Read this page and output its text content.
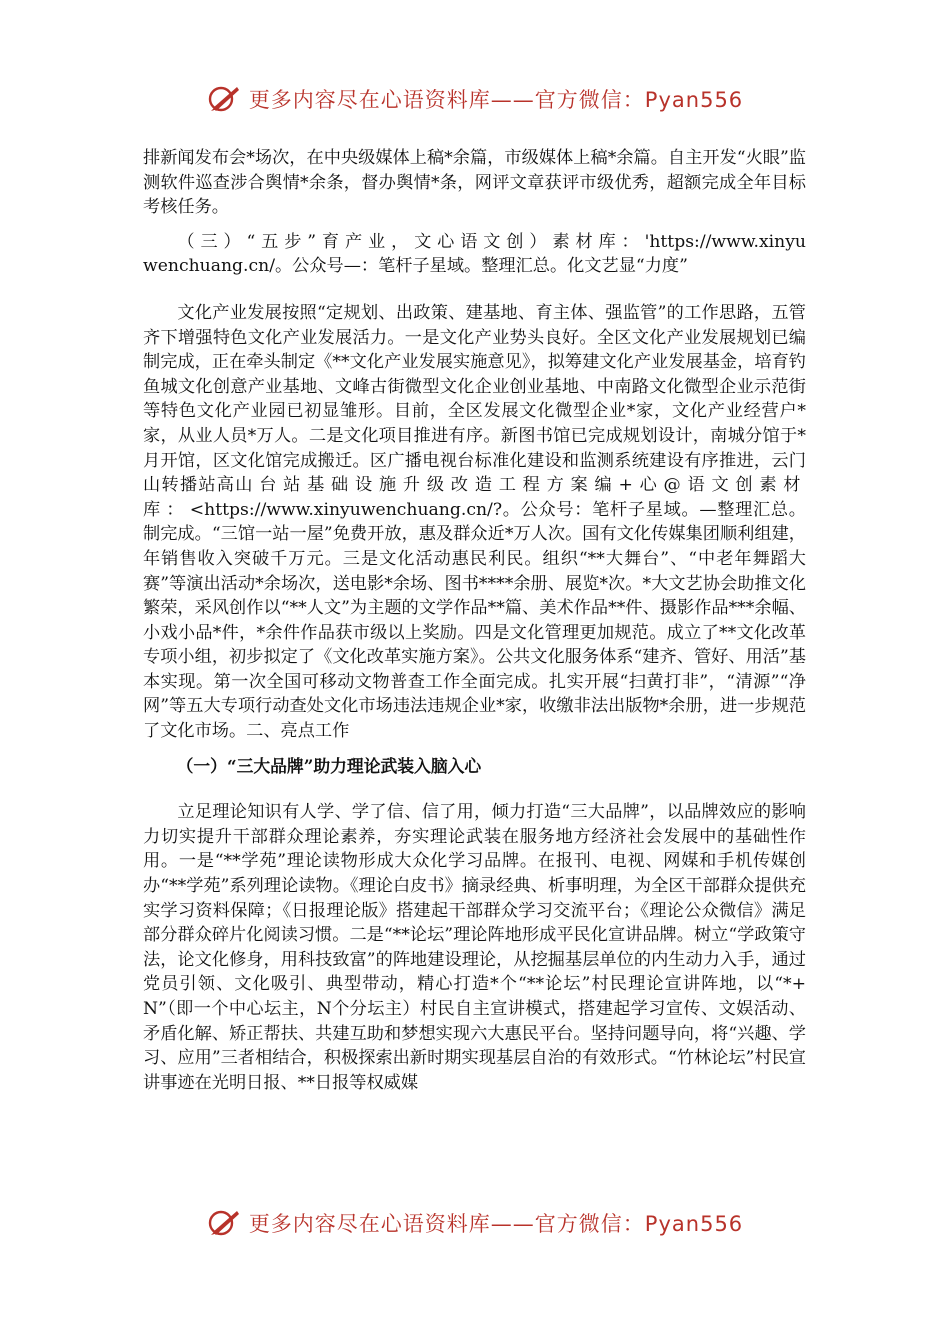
更多内容尽在心语资料库——官方微信：Pyan556

排新闻发布会*场次，在中央级媒体上稿*余篇，市级媒体上稿*余篇。自主开发“火眼”监测软件巡查涉合舆情*余条，督办舆情*条，网评文章获评市级优秀，超额完成全年目标考核任务。

（三）“五步”育产业，文心语文创）素材库：'https://www.xinyuwenchuang.cn/。公众号—：笔杆子星域。整理汇总。化文艺显“力度”

文化产业发展按照“定规划、出政策、建基地、育主体、强监管”的工作思路，五管齐下增强特色文化产业发展活力。一是文化产业势头良好。全区文化产业发展规划已编制完成，正在牵头制定《**文化产业发展实施意见》，拟筹建文化产业发展基金，培育钓鱼城文化创意产业基地、文峰古街微型文化企业创业基地、中南路文化微型企业示范街等特色文化产业园已初显雏形。目前，全区发展文化微型企业*家，文化产业经营户*家，从业人员*万人。二是文化项目推进有序。新图书馆已完成规划设计，南城分馆于*月开馆，区文化馆完成搬迁。区广播电视台标准化建设和监测系统建设有序推进，云门山转播站高山台站基础设施升级改造工程方案编+心@语文创素材库：<https://www.xinyuwenchuang.cn/?。公众号：笔杆子星域。—整理汇总。制完成。“三馆一站一屋”免费开放，惠及群众近*万人次。国有文化传媒集团顺利组建，年销售收入突破千万元。三是文化活动惠民利民。组织“**大舞台”、“中老年舞蹈大赛”等演出活动*余场次，送电影*余场、图书****余册、展览*次。*大文艺协会助推文化繁荣，采风创作以“**人文”为主题的文学作品**篇、美术作品**件、摄影作品***余幅、小戏小品*件，*余件作品获市级以上奖励。四是文化管理更加规范。成立了**文化改革专项小组，初步拟定了《文化改革实施方案》。公共文化服务体系“建齐、管好、用活”基本实现。第一次全国可移动文物普查工作全面完成。扎实开展“扫黄打非”，“清源”“净网”等五大专项行动查处文化市场违法违规企业*家，收缴非法出版物*余册，进一步规范了文化市场。二、亮点工作

（一）“三大品牌”助力理论武装入脑入心

立足理论知识有人学、学了信、信了用，倾力打造“三大品牌”，以品牌效应的影响力切实提升干部群众理论素养，夯实理论武装在服务地方经济社会发展中的基础性作用。一是“**学苑”理论读物形成大众化学习品牌。在报刊、电视、网媒和手机传媒创办“**学苑”系列理论读物。《理论白皮书》摘录经典、析事明理，为全区干部群众提供充实学习资料保障；《日报理论版》搭建起干部群众学习交流平台；《理论公众微信》满足部分群众碎片化阅读习惯。二是“**论坛”理论阵地形成平民化宣讲品牌。树立“学政策守法，论文化修身，用科技致富”的阵地建设理论，从挖掘基层单位的内生动力入手，通过党员引领、文化吸引、典型带动，精心打造*个“**论坛”村民理论宣讲阵地，以“*+N”（即一个中心坛主，N个分坛主）村民自主宣讲模式，搭建起学习宣传、文娱活动、矛盾化解、矫正帮扶、共建互助和梦想实现六大惠民平台。坚持问题导向，将“兴趣、学习、应用”三者相结合，积极探索出新时期实现基层自治的有效形式。“竹林论坛”村民宣讲事迹在光明日报、**日报等权威媒

更多内容尽在心语资料库——官方微信：Pyan556
